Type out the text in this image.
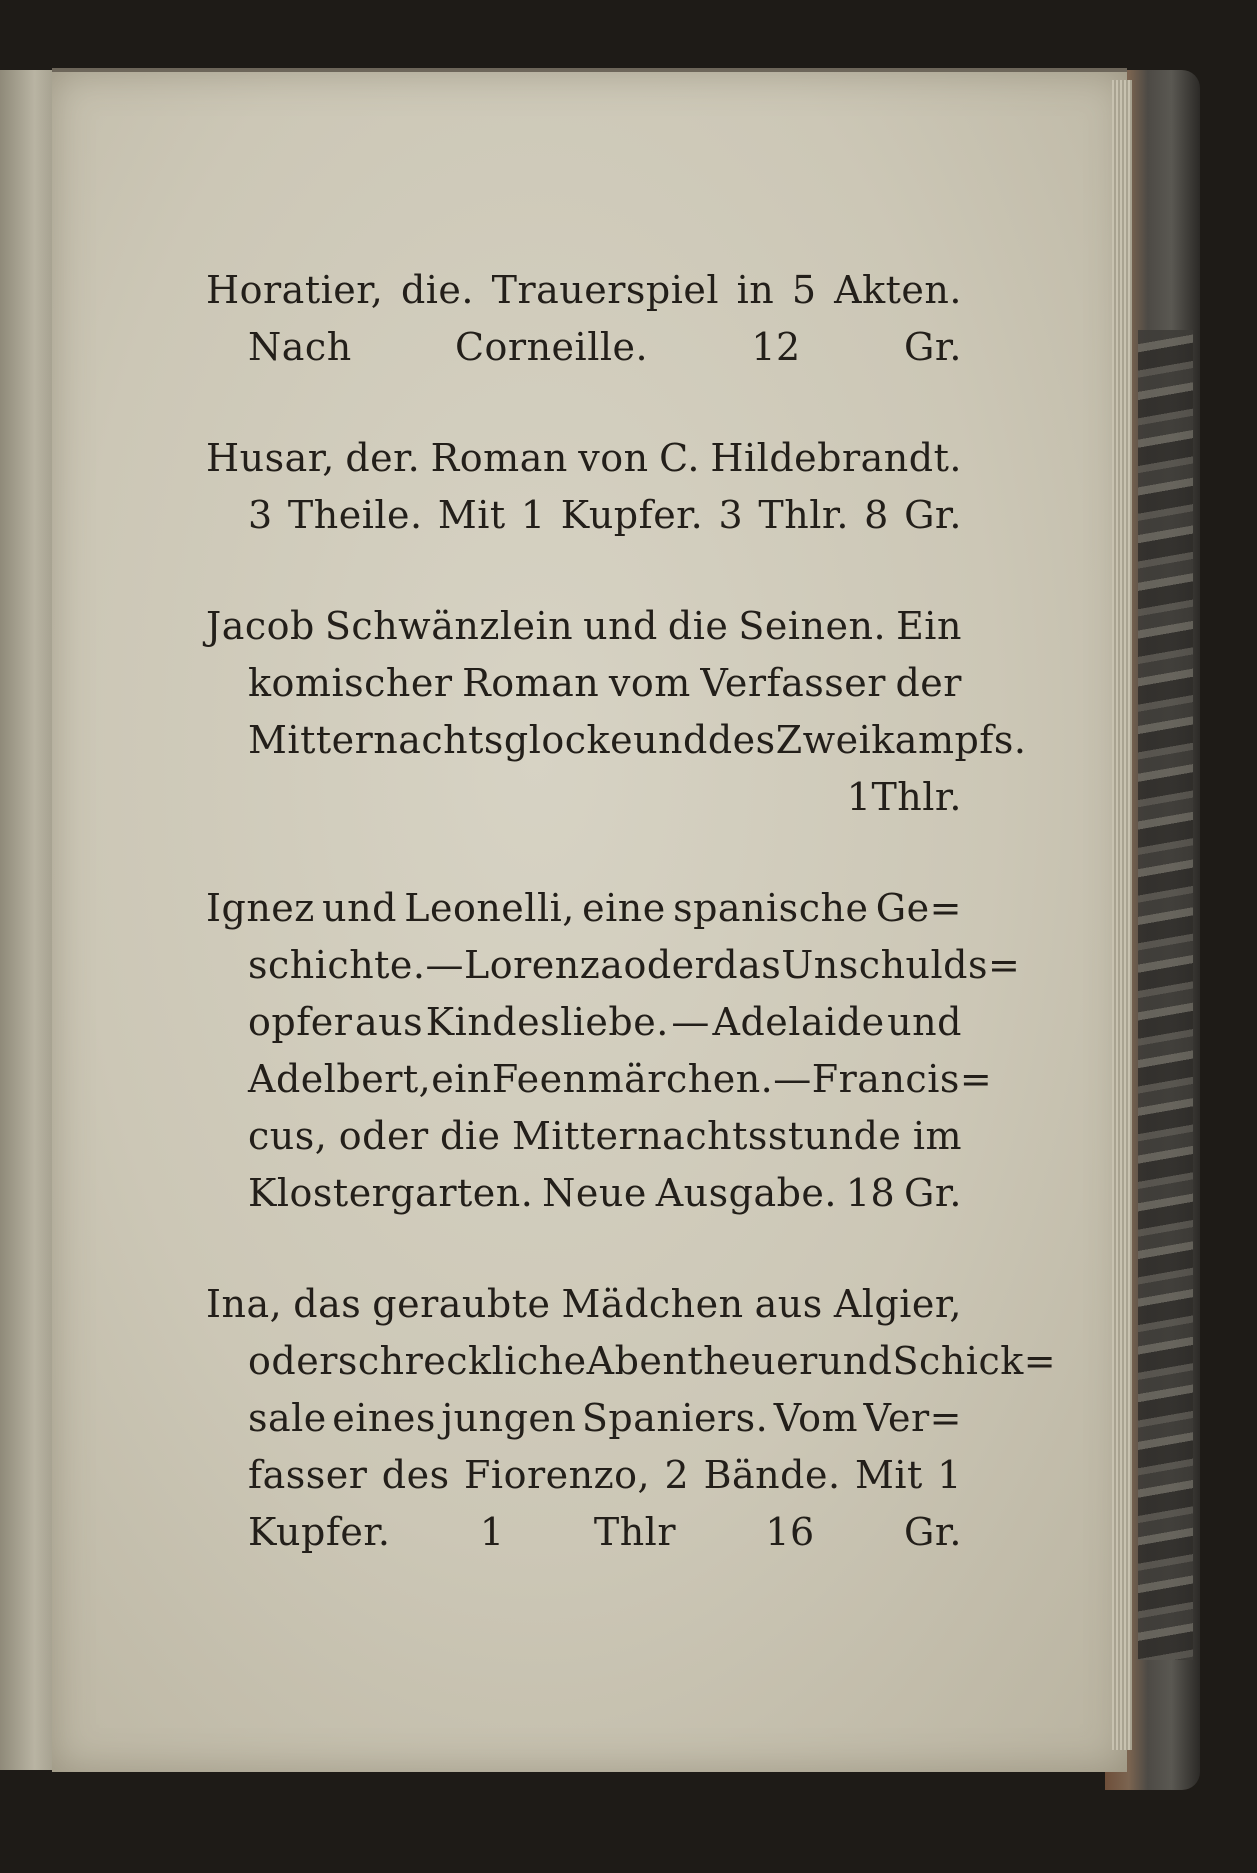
Horatier, die. Trauerspiel in 5 Akten.
Nach	Corneille.	12	Gr.
Husar, der. Roman von C. Hildebrandt.
3 Theile. Mit 1 Kupfer. 3 Thlr. 8 Gr.
Jacob Schwänzlein und die Seinen. Ein
komischer Roman vom Verfasser der
Mitternachtsglocke und des Zweikampfs.
1 Thlr.
Ignez und Leonelli, eine spanische Ge=
schichte. — Lorenza oder das Unschulds=
opfer aus Kindesliebe. — Adelaide und
Adelbert, ein Feenmärchen. — Francis=
cus, oder die Mitternachtsstunde im
Klostergarten. Neue Ausgabe. 18 Gr.
Ina, das geraubte Mädchen aus Algier,
oder schreckliche Abentheuer und Schick=
sale eines jungen Spaniers. Vom Ver=
fasser des Fiorenzo, 2 Bände. Mit 1
Kupfer. 1 Thlr 16 Gr.
